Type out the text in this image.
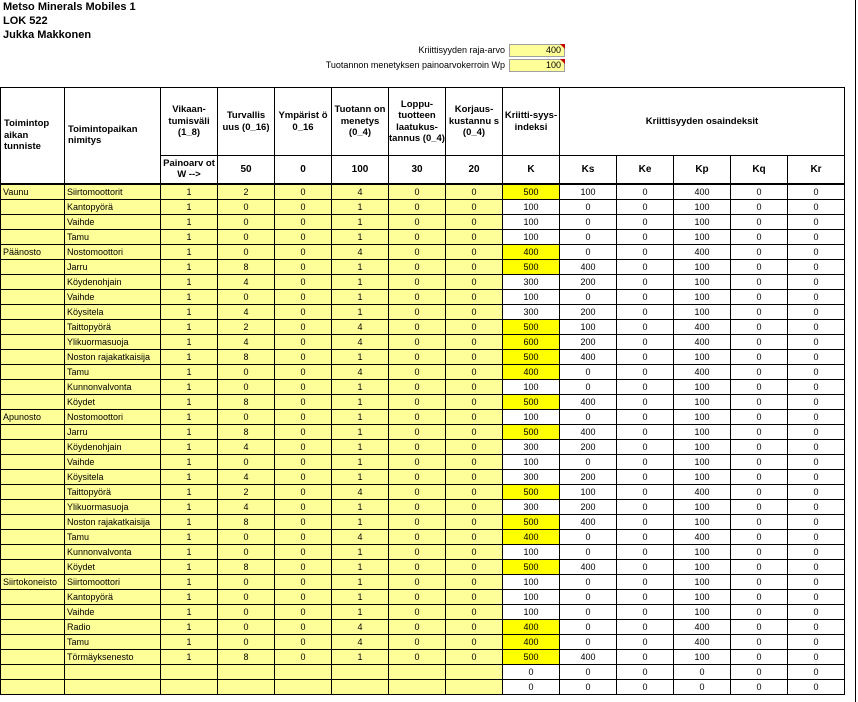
Metso Minerals Mobiles 1
LOK 522
Jukka Makkonen
Kriittisyyden raja-arvo	400
Tuotannon menetyksen painoarvokerroin Wp	100
Toimintop aikan tunniste	Toimintopaikan nimitys	Vikaan-tumisväli (1_8)	Turvallis uus (0_16)	Ympärist ö 0_16	Tuotann on menetys (0_4)	Loppu-tuotteen laatukus-tannus (0_4)	Korjaus-kustannu s (0_4)	Kriitti-syys-indeksi	Kriittisyyden osaindeksit				
		Painoarv ot W -->	50	0	100	30	20	K	Ks	Ke	Kp	Kq	Kr
Vaunu	Siirtomoottorit	1	2	0	4	0	0	500	100	0	400	0	0
	Kantopyörä	1	0	0	1	0	0	100	0	0	100	0	0
	Vaihde	1	0	0	1	0	0	100	0	0	100	0	0
	Tamu	1	0	0	1	0	0	100	0	0	100	0	0
Päänosto	Nostomoottori	1	0	0	4	0	0	400	0	0	400	0	0
	Jarru	1	8	0	1	0	0	500	400	0	100	0	0
	Köydenohjain	1	4	0	1	0	0	300	200	0	100	0	0
	Vaihde	1	0	0	1	0	0	100	0	0	100	0	0
	Köysitela	1	4	0	1	0	0	300	200	0	100	0	0
	Taittopyörä	1	2	0	4	0	0	500	100	0	400	0	0
	Ylikuormasuoja	1	4	0	4	0	0	600	200	0	400	0	0
	Noston rajakatkaisija	1	8	0	1	0	0	500	400	0	100	0	0
	Tamu	1	0	0	4	0	0	400	0	0	400	0	0
	Kunnonvalvonta	1	0	0	1	0	0	100	0	0	100	0	0
	Köydet	1	8	0	1	0	0	500	400	0	100	0	0
Apunosto	Nostomoottori	1	0	0	1	0	0	100	0	0	100	0	0
	Jarru	1	8	0	1	0	0	500	400	0	100	0	0
	Köydenohjain	1	4	0	1	0	0	300	200	0	100	0	0
	Vaihde	1	0	0	1	0	0	100	0	0	100	0	0
	Köysitela	1	4	0	1	0	0	300	200	0	100	0	0
	Taittopyörä	1	2	0	4	0	0	500	100	0	400	0	0
	Ylikuormasuoja	1	4	0	1	0	0	300	200	0	100	0	0
	Noston rajakatkaisija	1	8	0	1	0	0	500	400	0	100	0	0
	Tamu	1	0	0	4	0	0	400	0	0	400	0	0
	Kunnonvalvonta	1	0	0	1	0	0	100	0	0	100	0	0
	Köydet	1	8	0	1	0	0	500	400	0	100	0	0
Siirtokoneisto	Siirtomoottori	1	0	0	1	0	0	100	0	0	100	0	0
	Kantopyörä	1	0	0	1	0	0	100	0	0	100	0	0
	Vaihde	1	0	0	1	0	0	100	0	0	100	0	0
	Radio	1	0	0	4	0	0	400	0	0	400	0	0
	Tamu	1	0	0	4	0	0	400	0	0	400	0	0
	Törmäyksenesto	1	8	0	1	0	0	500	400	0	100	0	0
								0	0	0	0	0	0
								0	0	0	0	0	0
